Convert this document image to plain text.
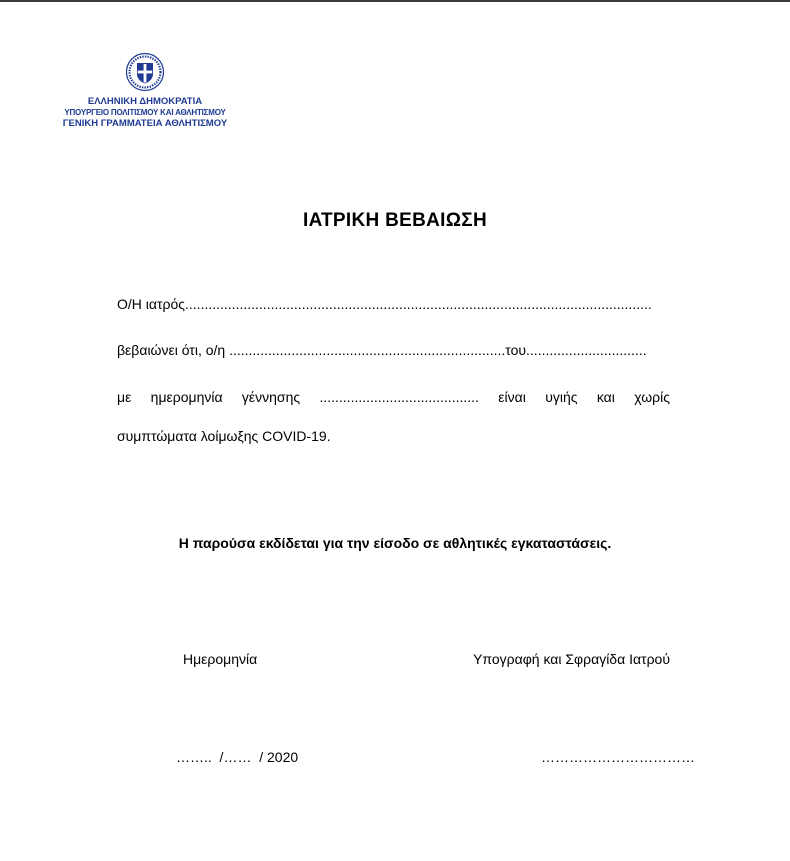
ΕΛΛΗΝΙΚΗ ΔΗΜΟΚΡΑΤΙΑ
ΥΠΟΥΡΓΕΙΟ ΠΟΛΙΤΙΣΜΟΥ ΚΑΙ ΑΘΛΗΤΙΣΜΟΥ
ΓΕΝΙΚΗ ΓΡΑΜΜΑΤΕΙΑ ΑΘΛΗΤΙΣΜΟΥ
ΙΑΤΡΙΚΗ ΒΕΒΑΙΩΣΗ
Ο/Η ιατρός........................................................................................................................
βεβαιώνει ότι, ο/η .......................................................................του...............................
με ημερομηνία γέννησης ......................................... είναι υγιής και χωρίς
συμπτώματα λοίμωξης COVID-19.
Η παρούσα εκδίδεται για την είσοδο σε αθλητικές εγκαταστάσεις.
Ημερομηνία	Υπογραφή και Σφραγίδα Ιατρού
……..  /……  / 2020	……………………………
